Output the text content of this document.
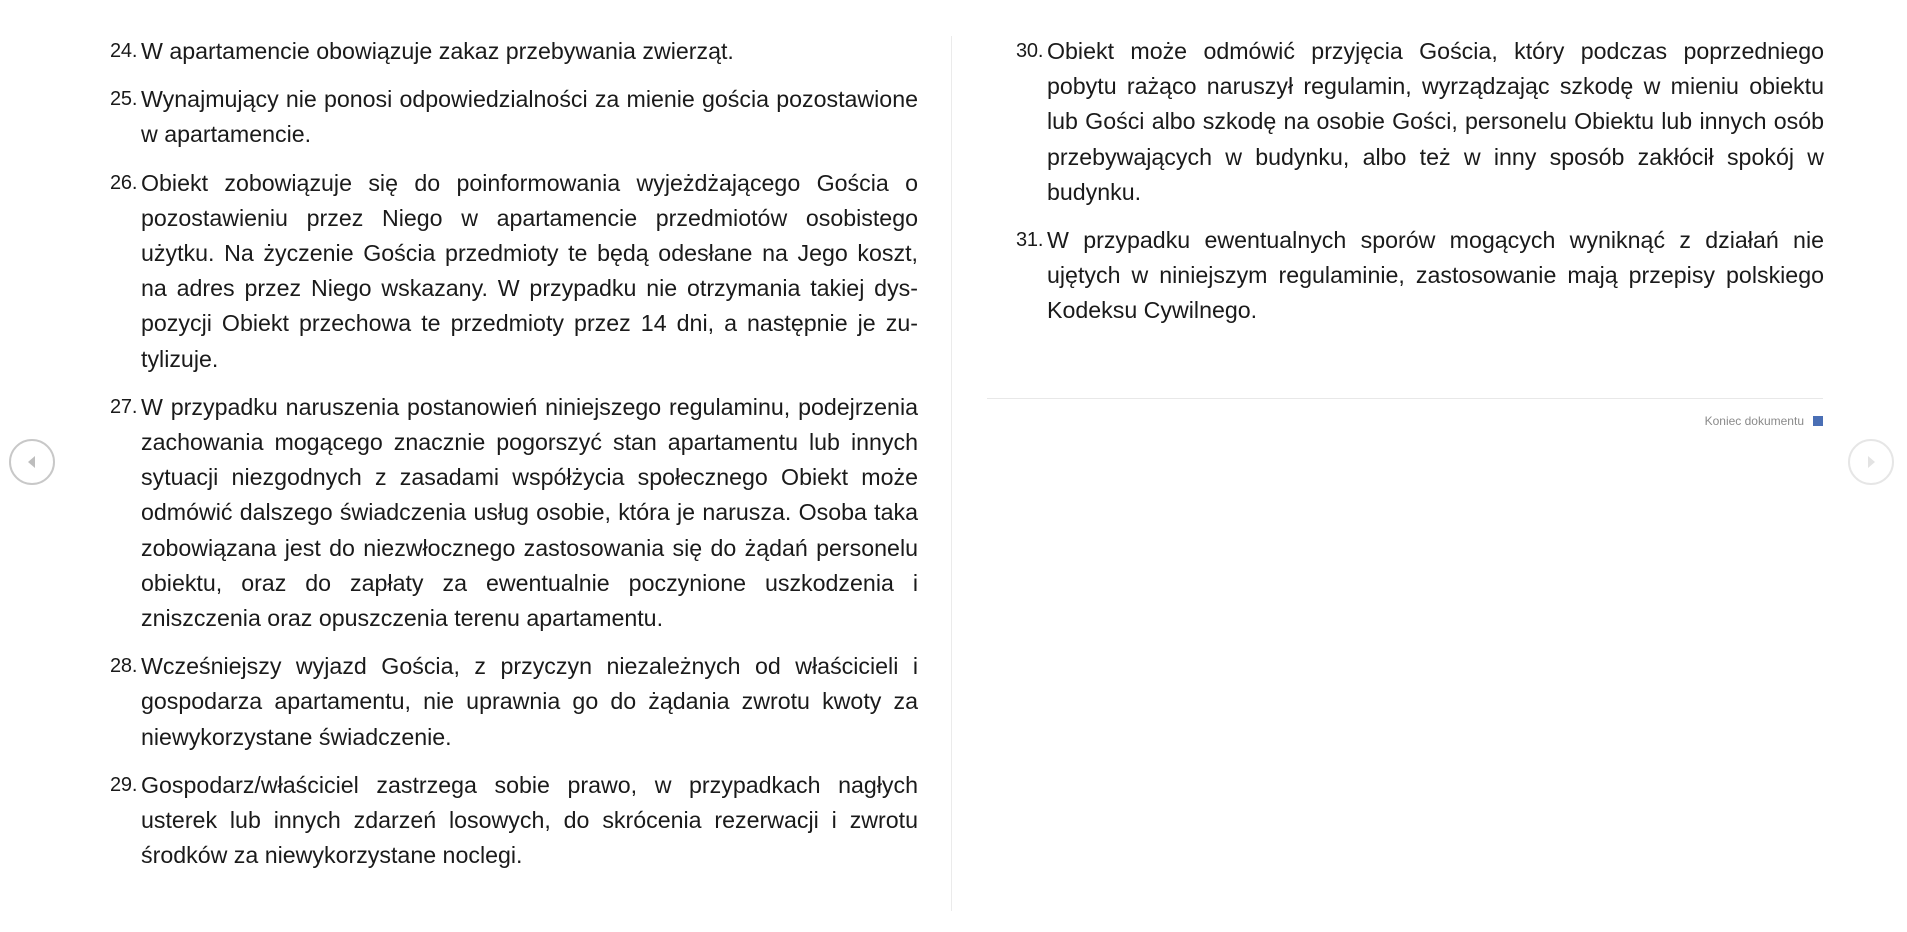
24. W apartamencie obowiązuje zakaz przebywania zwierząt.
25. Wynajmujący nie ponosi odpowiedzialności za mienie gościa pozostawione w apartamencie.
26. Obiekt zobowiązuje się do poinformowania wyjeżdżającego Gościa o pozostawieniu przez Niego w apartamencie przedmiotów osobistego użytku. Na życzenie Gościa przedmioty te będą odesłane na Jego koszt, na adres przez Niego wskazany. W przypadku nie otrzymania takiej dyspozycji Obiekt przechowa te przedmioty przez 14 dni, a następnie je zutylizuje.
27. W przypadku naruszenia postanowień niniejszego regulaminu, podejrzenia zachowania mogącego znacznie pogorszyć stan apartamentu lub innych sytuacji niezgodnych z zasadami współżycia społecznego Obiekt może odmówić dalszego świadczenia usług osobie, która je narusza. Osoba taka zobowiązana jest do niezwłocznego zastosowania się do żądań personelu obiektu, oraz do zapłaty za ewentualnie poczynione uszkodzenia i zniszczenia oraz opuszczenia terenu apartamentu.
28. Wcześniejszy wyjazd Gościa, z przyczyn niezależnych od właścicieli i gospodarza apartamentu, nie uprawnia go do żądania zwrotu kwoty za niewykorzystane świadczenie.
29. Gospodarz/właściciel zastrzega sobie prawo, w przypadkach nagłych usterek lub innych zdarzeń losowych, do skrócenia rezerwacji i zwrotu środków za niewykorzystane noclegi.
30. Obiekt może odmówić przyjęcia Gościa, który podczas poprzedniego pobytu rażąco naruszył regulamin, wyrządzając szkodę w mieniu obiektu lub Gości albo szkodę na osobie Gości, personelu Obiektu lub innych osób przebywających w budynku, albo też w inny sposób zakłócił spokój w budynku.
31. W przypadku ewentualnych sporów mogących wyniknąć z działań nie ujętych w niniejszym regulaminie, zastosowanie mają przepisy polskiego Kodeksu Cywilnego.
Koniec dokumentu
